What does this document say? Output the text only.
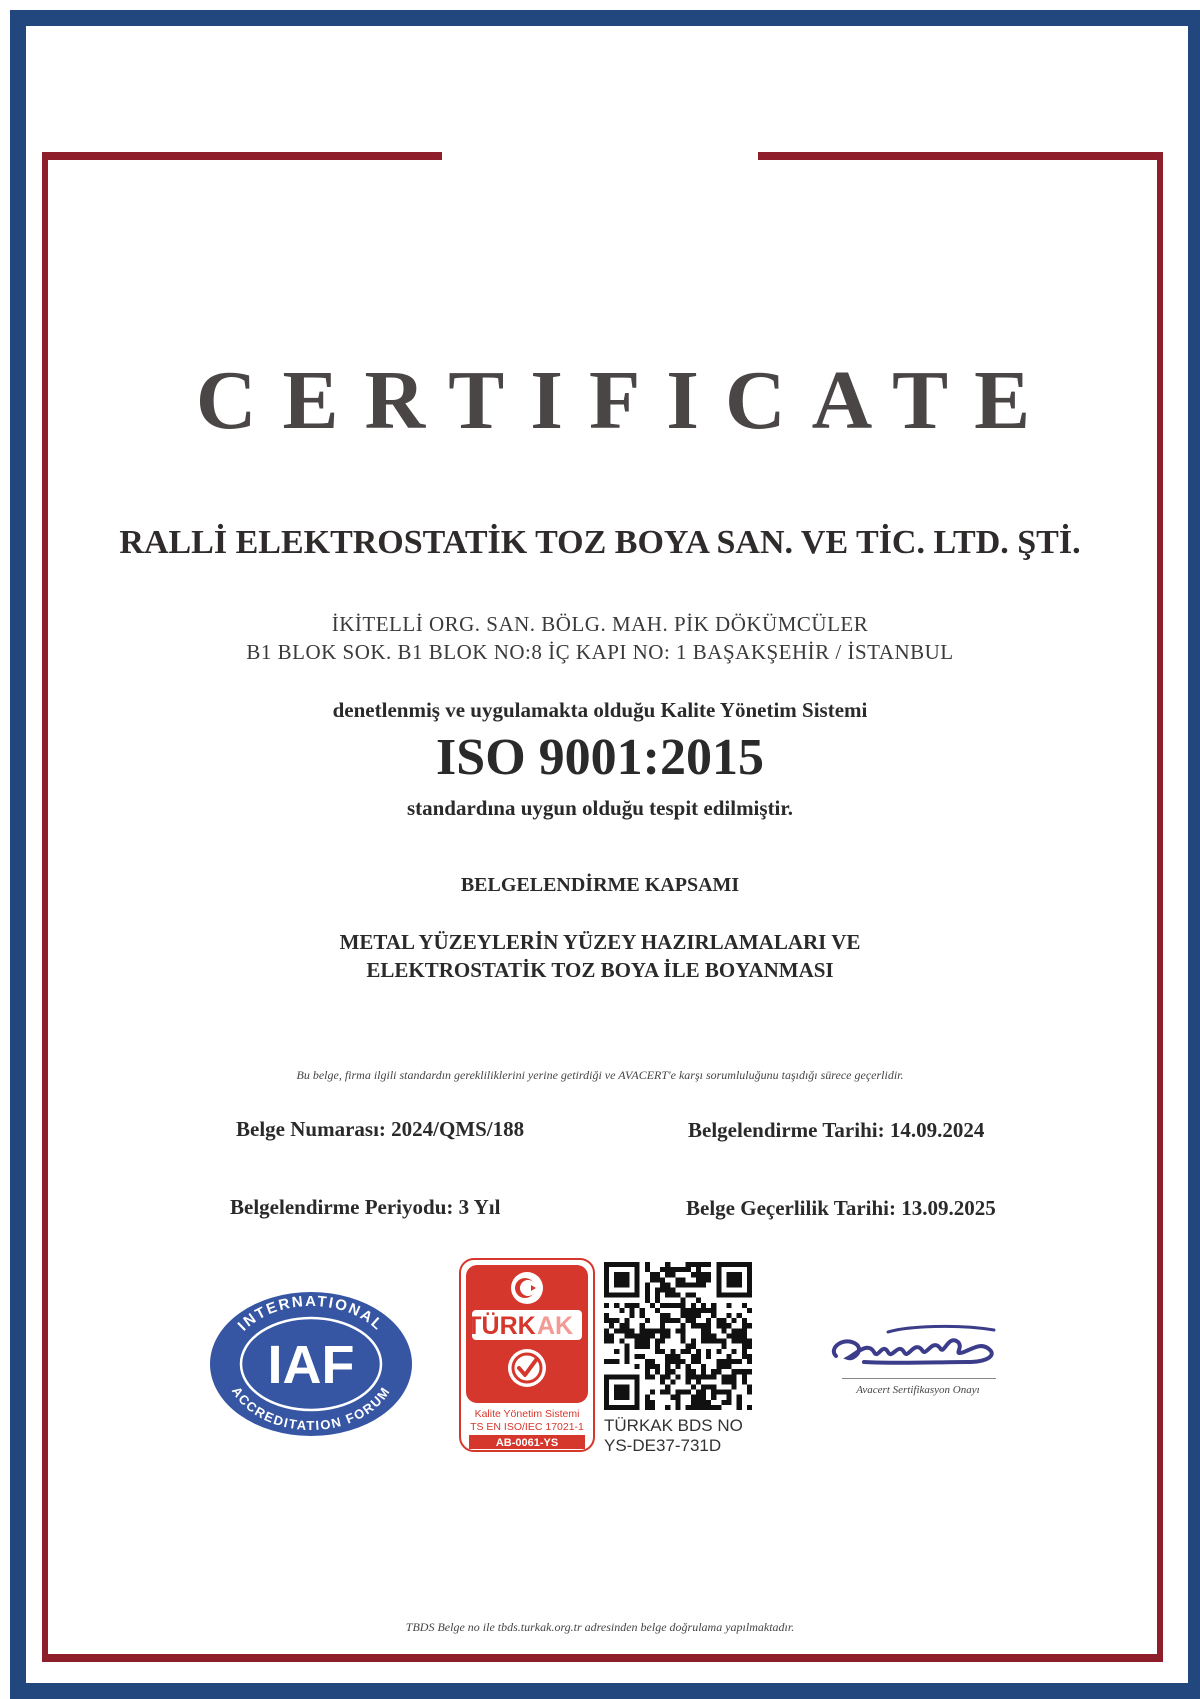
CERTIFICATE
RALLİ ELEKTROSTATİK TOZ BOYA SAN. VE TİC. LTD. ŞTİ.
İKİTELLİ ORG. SAN. BÖLG. MAH. PİK DÖKÜMCÜLER
B1 BLOK SOK. B1 BLOK NO:8 İÇ KAPI NO: 1 BAŞAKŞEHİR / İSTANBUL
denetlenmiş ve uygulamakta olduğu Kalite Yönetim Sistemi
ISO 9001:2015
standardına uygun olduğu tespit edilmiştir.
BELGELENDİRME KAPSAMI
METAL YÜZEYLERİN YÜZEY HAZIRLAMALARI VE
ELEKTROSTATİK TOZ BOYA İLE BOYANMASI
Bu belge, firma ilgili standardın gerekliliklerini yerine getirdiği ve AVACERT'e karşı sorumluluğunu taşıdığı sürece geçerlidir.
Belge Numarası: 2024/QMS/188	Belgelendirme Tarihi: 14.09.2024
Belgelendirme Periyodu: 3 Yıl	Belge Geçerlilik Tarihi: 13.09.2025
INTERNATIONAL
IAF
ACCREDITATION FORUM
TÜRK AK
Kalite Yönetim Sistemi
TS EN ISO/IEC 17021-1
AB-0061-YS
TÜRKAK BDS NO
YS-DE37-731D
Avacert Sertifikasyon Onayı
TBDS Belge no ile tbds.turkak.org.tr adresinden belge doğrulama yapılmaktadır.
